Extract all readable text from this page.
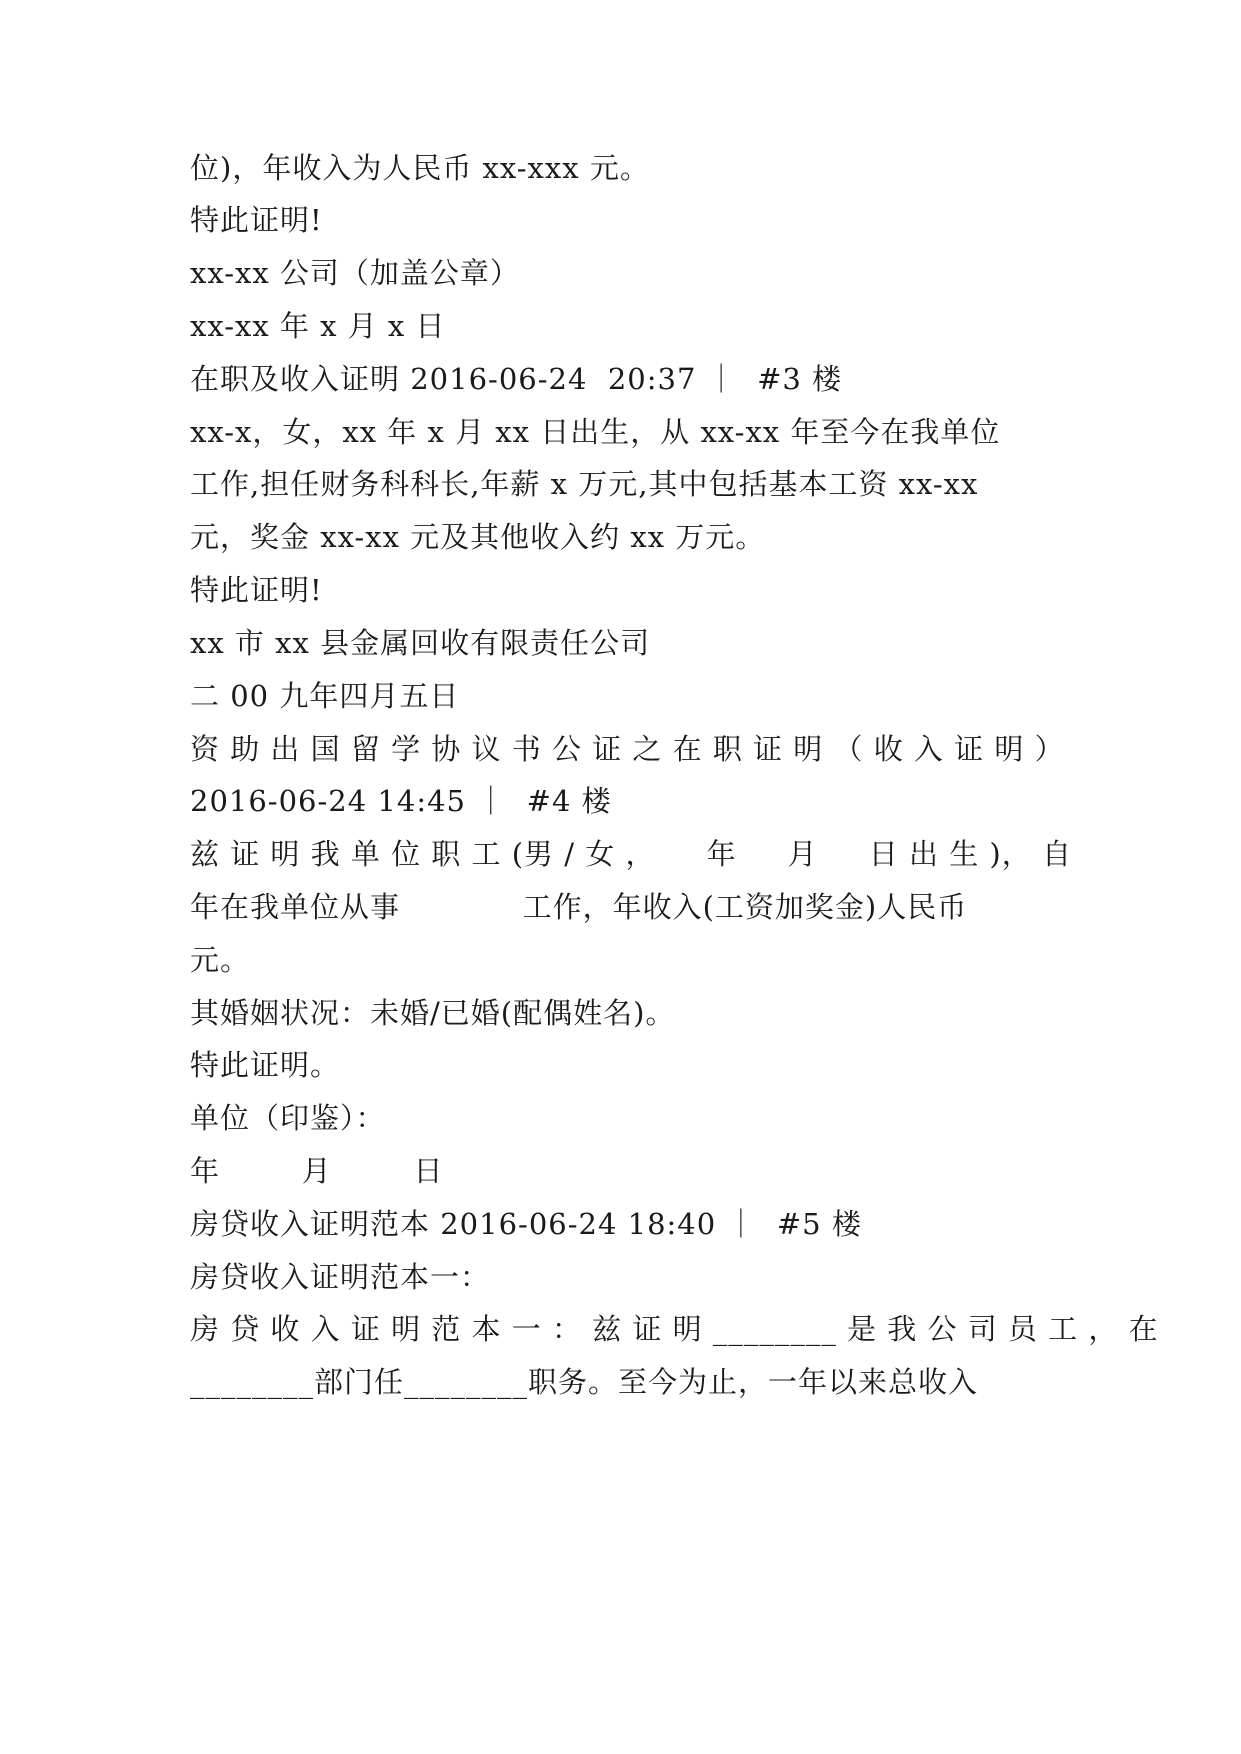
位)，年收入为人民币 xx-xxx 元。
特此证明!
xx-xx 公司（加盖公章）
xx-xx 年 x 月 x 日
在职及收入证明 2016-06-24  20:37 ｜  #3 楼
xx-x，女，xx 年 x 月 xx 日出生，从 xx-xx 年至今在我单位
工作,担任财务科科长,年薪 x 万元,其中包括基本工资 xx-xx
元，奖金 xx-xx 元及其他收入约 xx 万元。
特此证明!
xx 市 xx 县金属回收有限责任公司
二 00 九年四月五日
资 助 出 国 留 学 协 议 书 公 证 之 在 职 证 明 （ 收 入 证 明 ）
2016-06-24 14:45 ｜  #4 楼
兹 证 明 我 单 位 职 工 (男 / 女 ，     年     月     日 出 生 )， 自
年在我单位从事            工作，年收入(工资加奖金)人民币
元。
其婚姻状况：未婚/已婚(配偶姓名)。
特此证明。
单位（印鉴）：
年        月        日
房贷收入证明范本 2016-06-24 18:40 ｜  #5 楼
房贷收入证明范本一：
房 贷 收 入 证 明 范 本 一 ： 兹 证 明 ________ 是 我 公 司 员 工 ， 在
________部门任________职务。至今为止，一年以来总收入
